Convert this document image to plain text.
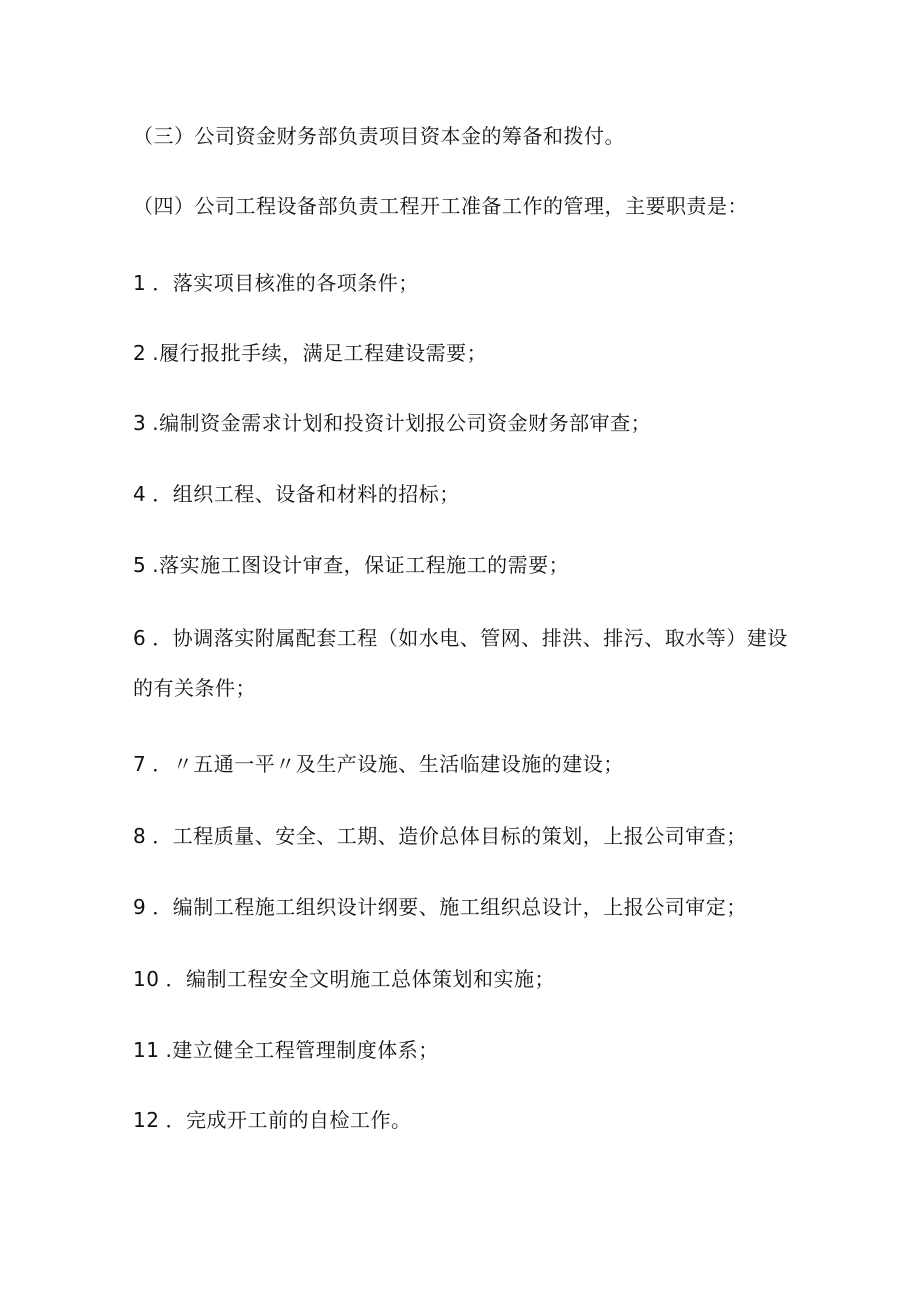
（三）公司资金财务部负责项目资本金的筹备和拨付。
（四）公司工程设备部负责工程开工准备工作的管理，主要职责是：
1 ．落实项目核准的各项条件；
2 .履行报批手续，满足工程建设需要；
3 .编制资金需求计划和投资计划报公司资金财务部审查；
4 ．组织工程、设备和材料的招标；
5 .落实施工图设计审查，保证工程施工的需要；
6 ．协调落实附属配套工程（如水电、管网、排洪、排污、取水等）建设
的有关条件；
7 ．〃五通一平〃及生产设施、生活临建设施的建设；
8 ．工程质量、安全、工期、造价总体目标的策划，上报公司审查；
9 ．编制工程施工组织设计纲要、施工组织总设计，上报公司审定；
10 ．编制工程安全文明施工总体策划和实施；
11 .建立健全工程管理制度体系；
12 ．完成开工前的自检工作。
